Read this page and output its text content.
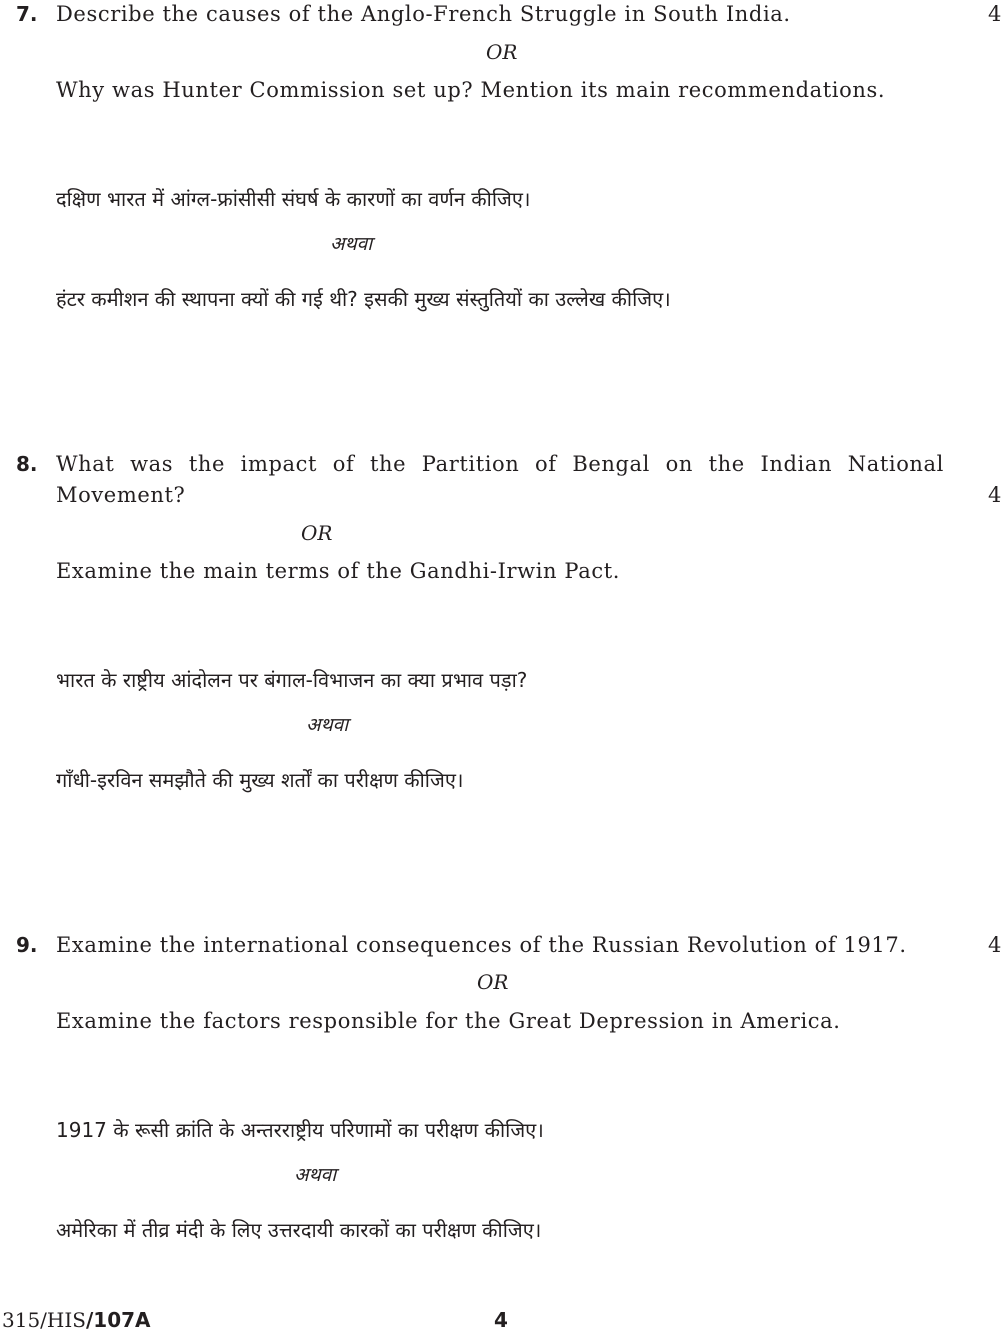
7. Describe the causes of the Anglo-French Struggle in South India.	4
OR
Why was Hunter Commission set up? Mention its main recommendations.
दक्षिण भारत में आंग्ल-फ्रांसीसी संघर्ष के कारणों का वर्णन कीजिए।
अथवा
हंटर कमीशन की स्थापना क्यों की गई थी? इसकी मुख्य संस्तुतियों का उल्लेख कीजिए।
8. What was the impact of the Partition of Bengal on the Indian National
Movement?	4
OR
Examine the main terms of the Gandhi-Irwin Pact.
भारत के राष्ट्रीय आंदोलन पर बंगाल-विभाजन का क्या प्रभाव पड़ा?
अथवा
गाँधी-इरविन समझौते की मुख्य शर्तों का परीक्षण कीजिए।
9. Examine the international consequences of the Russian Revolution of 1917.	4
OR
Examine the factors responsible for the Great Depression in America.
1917 के रूसी क्रांति के अन्तरराष्ट्रीय परिणामों का परीक्षण कीजिए।
अथवा
अमेरिका में तीव्र मंदी के लिए उत्तरदायी कारकों का परीक्षण कीजिए।
315/HIS/107A	4
